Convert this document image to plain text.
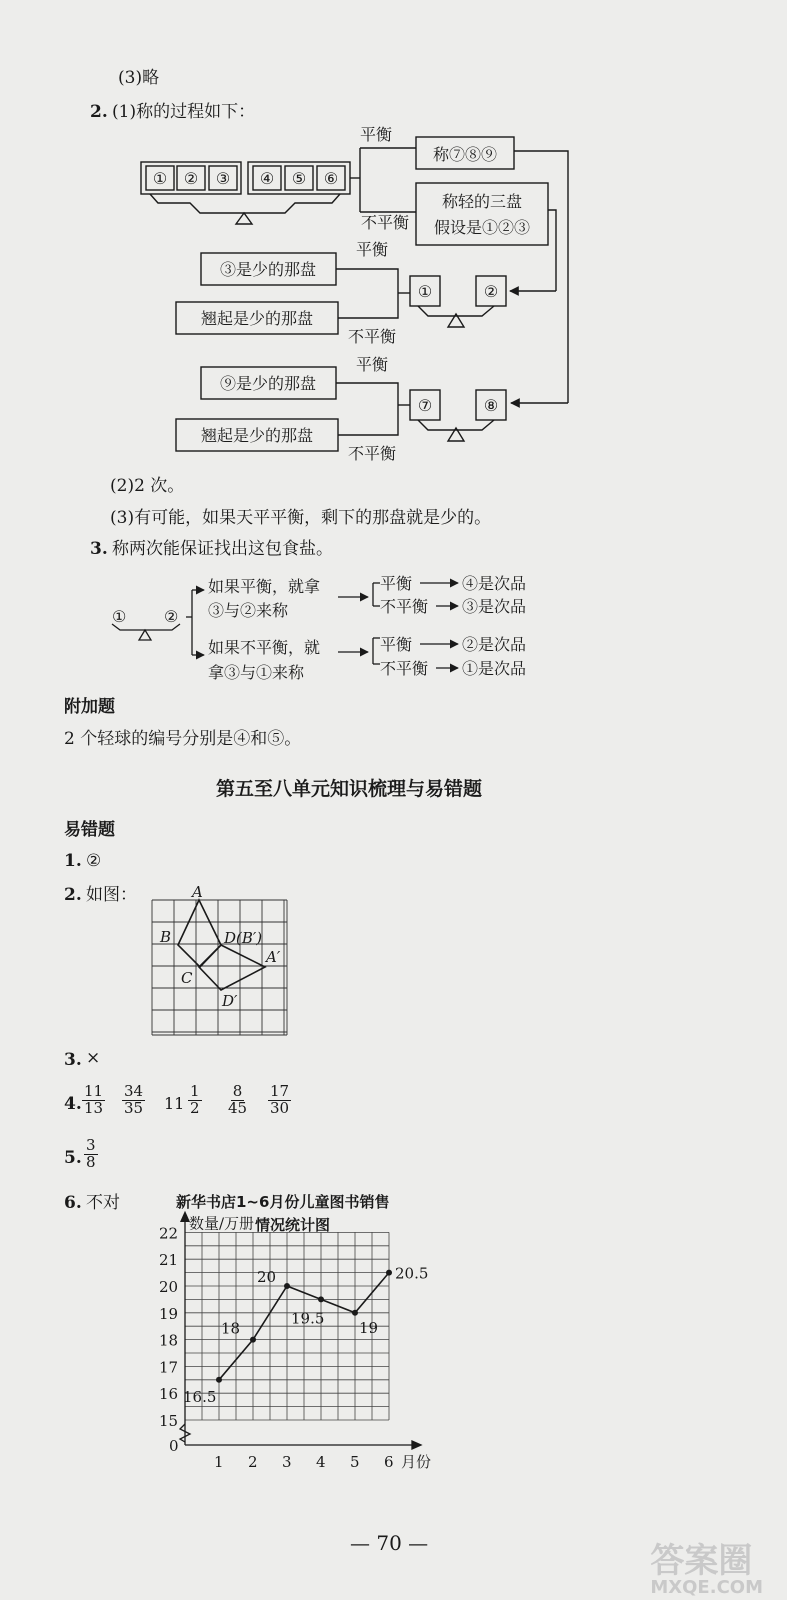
(3)略
2. (1)称的过程如下：
① ② ③ ④ ⑤ ⑥
平衡
不平衡
称⑦⑧⑨
称轻的三盘
假设是①②③
平衡
不平衡
③是少的那盘
翘起是少的那盘
①	②
平衡
不平衡
⑨是少的那盘
翘起是少的那盘
⑦	⑧
(2)2 次。
(3)有可能，如果天平平衡，剩下的那盘就是少的。
3. 称两次能保证找出这包食盐。
① ②
如果平衡，就拿
③与②来称
如果不平衡，就
拿③与①来称
平衡	④是次品
不平衡 ③是次品
平衡	②是次品
不平衡 ①是次品
附加题
2 个轻球的编号分别是④和⑤。
第五至八单元知识梳理与易错题
易错题
1. ②
2. 如图：	A
B
C
D(B′)
A′
D′
3. ×
4. $\frac{11}{13} \frac{34}{35} 11 \frac{1}{2} \frac{8}{45} \frac{17}{30}$
5. $\frac{3}{8}$
6. 不对	新华书店1~6月份儿童图书销售
情况统计图
15
16
17
18
19
20
21
22
0
1 2 3 4 5 6
数量/万册
月份
16.5
18
20
19.5
19
20.5
— 70 —	答案圈
MXQE.COM
